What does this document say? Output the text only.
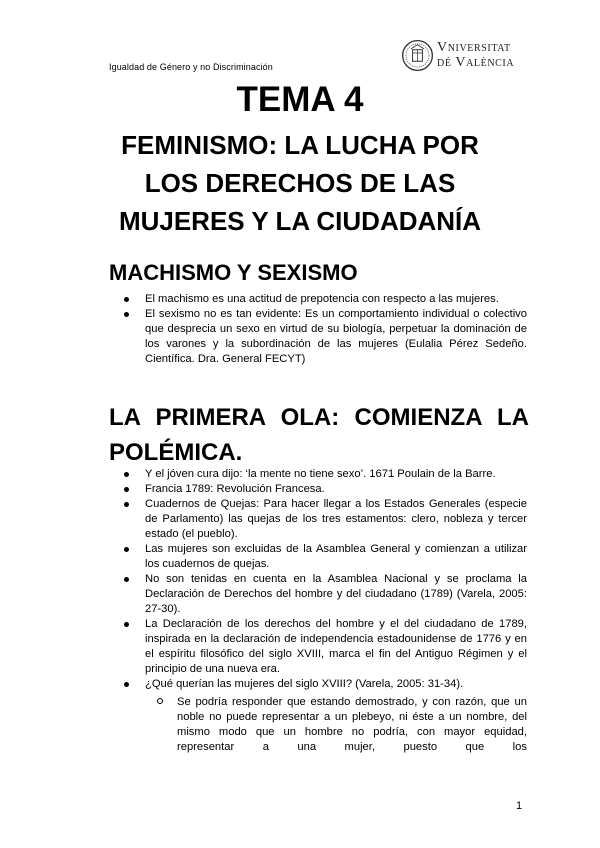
Igualdad de Género y no Discriminación
Vniversitat
dé València
TEMA 4
FEMINISMO: LA LUCHA POR
LOS DERECHOS DE LAS
MUJERES Y LA CIUDADANÍA
MACHISMO Y SEXISMO
El machismo es una actitud de prepotencia con respecto a las mujeres.
El sexismo no es tan evidente: Es un comportamiento individual o colectivo que desprecia un sexo en virtud de su biología, perpetuar la dominación de los varones y la subordinación de las mujeres (Eulalia Pérez Sedeño. Científica. Dra. General FECYT)
LA PRIMERA OLA: COMIENZA LA
POLÉMICA.
Y el jóven cura dijo: ‘la mente no tiene sexo’. 1671 Poulain de la Barre.
Francia 1789: Revolución Francesa.
Cuadernos de Quejas: Para hacer llegar a los Estados Generales (especie de Parlamento) las quejas de los tres estamentos: clero, nobleza y tercer estado (el pueblo).
Las mujeres son excluidas de la Asamblea General y comienzan a utilizar los cuadernos de quejas.
No son tenidas en cuenta en la Asamblea Nacional y se proclama la Declaración de Derechos del hombre y del ciudadano (1789) (Varela, 2005: 27-30).
La Declaración de los derechos del hombre y el del ciudadano de 1789, inspirada en la declaración de independencia estadounidense de 1776 y en el espíritu filosófico del siglo XVIII, marca el fin del Antiguo Régimen y el principio de una nueva era.
¿Qué querían las mujeres del siglo XVIII? (Varela, 2005: 31-34).
Se podría responder que estando demostrado, y con razón, que un noble no puede representar a un plebeyo, ni éste a un nombre, del mismo modo que un hombre no podría, con mayor equidad, representar a una mujer, puesto que los
1
